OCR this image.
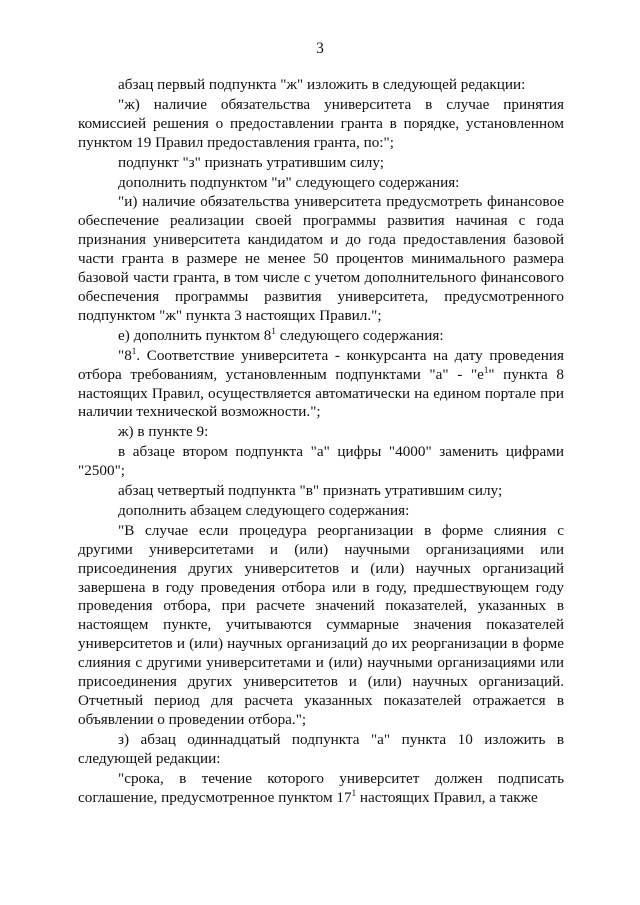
3

абзац первый подпункта "ж" изложить в следующей редакции:

"ж) наличие обязательства университета в случае принятия комиссией решения о предоставлении гранта в порядке, установленном пунктом 19 Правил предоставления гранта, по:";

подпункт "з" признать утратившим силу;

дополнить подпунктом "и" следующего содержания:

"и) наличие обязательства университета предусмотреть финансовое обеспечение реализации своей программы развития начиная с года признания университета кандидатом и до года предоставления базовой части гранта в размере не менее 50 процентов минимального размера базовой части гранта, в том числе с учетом дополнительного финансового обеспечения программы развития университета, предусмотренного подпунктом "ж" пункта 3 настоящих Правил.";

е) дополнить пунктом $8^1$ следующего содержания:

"$8^1$. Соответствие университета - конкурсанта на дату проведения отбора требованиям, установленным подпунктами "а" - "$е^1$" пункта 8 настоящих Правил, осуществляется автоматически на едином портале при наличии технической возможности.";

ж) в пункте 9:

в абзаце втором подпункта "а" цифры "4000" заменить цифрами "2500";

абзац четвертый подпункта "в" признать утратившим силу;

дополнить абзацем следующего содержания:

"В случае если процедура реорганизации в форме слияния с другими университетами и (или) научными организациями или присоединения других университетов и (или) научных организаций завершена в году проведения отбора или в году, предшествующем году проведения отбора, при расчете значений показателей, указанных в настоящем пункте, учитываются суммарные значения показателей университетов и (или) научных организаций до их реорганизации в форме слияния с другими университетами и (или) научными организациями или присоединения других университетов и (или) научных организаций. Отчетный период для расчета указанных показателей отражается в объявлении о проведении отбора.";

з) абзац одиннадцатый подпункта "а" пункта 10 изложить в следующей редакции:

"срока, в течение которого университет должен подписать соглашение, предусмотренное пунктом $17^1$ настоящих Правил, а также
